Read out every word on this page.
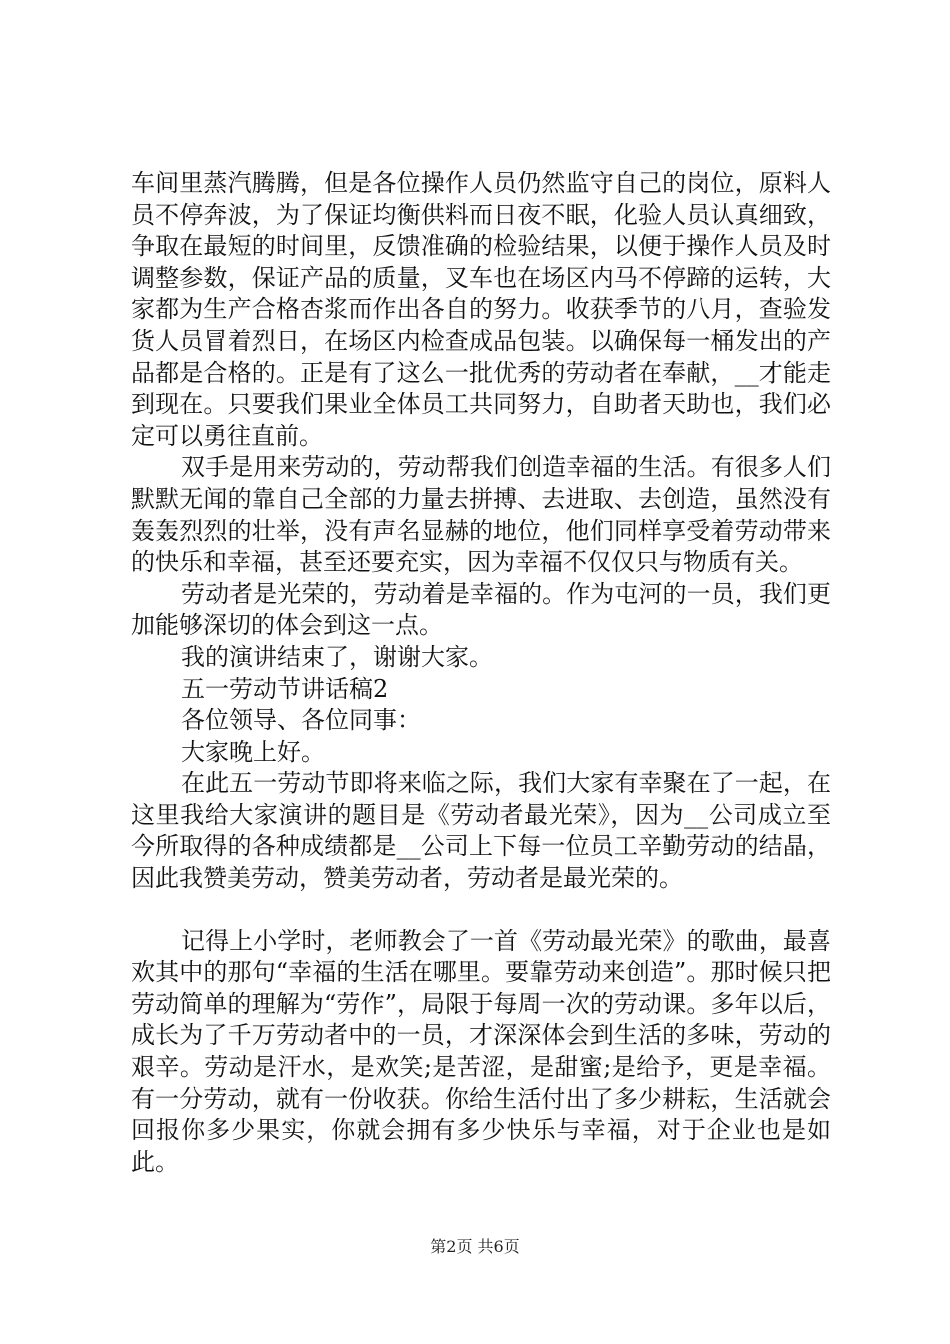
车间里蒸汽腾腾，但是各位操作人员仍然监守自己的岗位，原料人员不停奔波，为了保证均衡供料而日夜不眠，化验人员认真细致，争取在最短的时间里，反馈准确的检验结果，以便于操作人员及时调整参数，保证产品的质量，叉车也在场区内马不停蹄的运转，大家都为生产合格杏浆而作出各自的努力。收获季节的八月，查验发货人员冒着烈日，在场区内检查成品包装。以确保每一桶发出的产品都是合格的。正是有了这么一批优秀的劳动者在奉献，__才能走到现在。只要我们果业全体员工共同努力，自助者天助也，我们必定可以勇往直前。

双手是用来劳动的，劳动帮我们创造幸福的生活。有很多人们默默无闻的靠自己全部的力量去拼搏、去进取、去创造，虽然没有轰轰烈烈的壮举，没有声名显赫的地位，他们同样享受着劳动带来的快乐和幸福，甚至还要充实，因为幸福不仅仅只与物质有关。

劳动者是光荣的，劳动着是幸福的。作为屯河的一员，我们更加能够深切的体会到这一点。

我的演讲结束了，谢谢大家。

五一劳动节讲话稿2

各位领导、各位同事：

大家晚上好。

在此五一劳动节即将来临之际，我们大家有幸聚在了一起，在这里我给大家演讲的题目是《劳动者最光荣》，因为__公司成立至今所取得的各种成绩都是__公司上下每一位员工辛勤劳动的结晶，因此我赞美劳动，赞美劳动者，劳动者是最光荣的。

记得上小学时，老师教会了一首《劳动最光荣》的歌曲，最喜欢其中的那句“幸福的生活在哪里。要靠劳动来创造”。那时候只把劳动简单的理解为“劳作”，局限于每周一次的劳动课。多年以后，成长为了千万劳动者中的一员，才深深体会到生活的多味，劳动的艰辛。劳动是汗水，是欢笑;是苦涩，是甜蜜;是给予，更是幸福。有一分劳动，就有一份收获。你给生活付出了多少耕耘，生活就会回报你多少果实，你就会拥有多少快乐与幸福，对于企业也是如此。

第2页 共6页
